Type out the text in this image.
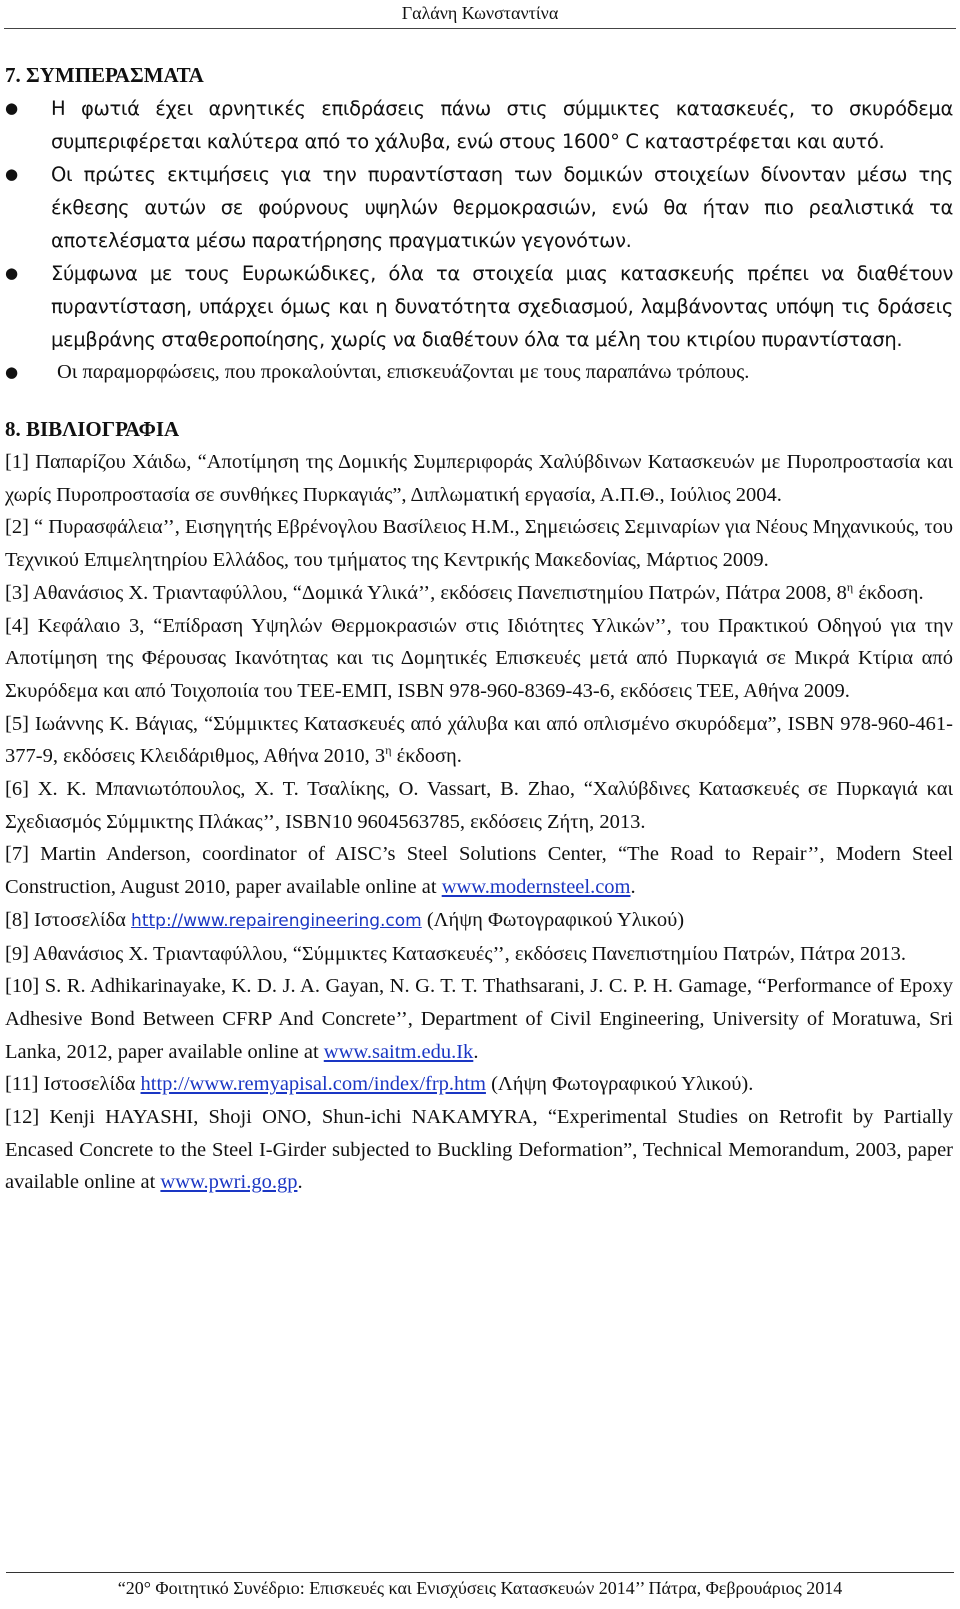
Γαλάνη Κωνσταντίνα
7. ΣΥΜΠΕΡΑΣΜΑΤΑ
● Η φωτιά έχει αρνητικές επιδράσεις πάνω στις σύμμικτες κατασκευές, το σκυρόδεμα συμπεριφέρεται καλύτερα από το χάλυβα, ενώ στους 1600° C καταστρέφεται και αυτό.
● Οι πρώτες εκτιμήσεις για την πυραντίσταση των δομικών στοιχείων δίνονταν μέσω της έκθεσης αυτών σε φούρνους υψηλών θερμοκρασιών, ενώ θα ήταν πιο ρεαλιστικά τα αποτελέσματα μέσω παρατήρησης πραγματικών γεγονότων.
● Σύμφωνα με τους Ευρωκώδικες, όλα τα στοιχεία μιας κατασκευής πρέπει να διαθέτουν πυραντίσταση, υπάρχει όμως και η δυνατότητα σχεδιασμού, λαμβάνοντας υπόψη τις δράσεις μεμβράνης σταθεροποίησης, χωρίς να διαθέτουν όλα τα μέλη του κτιρίου πυραντίσταση.
● Οι παραμορφώσεις, που προκαλούνται, επισκευάζονται με τους παραπάνω τρόπους.
8. ΒΙΒΛΙΟΓΡΑΦΙΑ

[1] Παπαρίζου Χάιδω, “Αποτίμηση της Δομικής Συμπεριφοράς Χαλύβδινων Κατασκευών με Πυροπροστασία και χωρίς Πυροπροστασία σε συνθήκες Πυρκαγιάς”, Διπλωματική εργασία, Α.Π.Θ., Ιούλιος 2004.

[2] “ Πυρασφάλεια’’, Εισηγητής Εβρένογλου Βασίλειος Η.Μ., Σημειώσεις Σεμιναρίων για Νέους Μηχανικούς, του Τεχνικού Επιμελητηρίου Ελλάδος, του τμήματος της Κεντρικής Μακεδονίας, Μάρτιος 2009.

[3] Αθανάσιος Χ. Τριανταφύλλου, “Δομικά Υλικά’’, εκδόσεις Πανεπιστημίου Πατρών, Πάτρα 2008, $8^\eta$ έκδοση.

[4] Κεφάλαιο 3, “Επίδραση Υψηλών Θερμοκρασιών στις Ιδιότητες Υλικών’’, του Πρακτικού Οδηγού για την Αποτίμηση της Φέρουσας Ικανότητας και τις Δομητικές Επισκευές μετά από Πυρκαγιά σε Μικρά Κτίρια από Σκυρόδεμα και από Τοιχοποιία του ΤΕΕ-ΕΜΠ, ISBN 978-960-8369-43-6, εκδόσεις ΤΕΕ, Αθήνα 2009.

[5] Ιωάννης Κ. Βάγιας, “Σύμμικτες Κατασκευές από χάλυβα και από οπλισμένο σκυρόδεμα”, ISBN 978-960-461-377-9, εκδόσεις Κλειδάριθμος, Αθήνα 2010, $3^\eta$ έκδοση.

[6] Χ. Κ. Μπανιωτόπουλος, Χ. Τ. Τσαλίκης, O. Vassart, B. Zhao, “Χαλύβδινες Κατασκευές σε Πυρκαγιά και Σχεδιασμός Σύμμικτης Πλάκας’’, ISBN10 9604563785, εκδόσεις Ζήτη, 2013.

[7] Martin Anderson, coordinator of AISC’s Steel Solutions Center, “The Road to Repair’’, Modern Steel Construction, August 2010, paper available online at www.modernsteel.com.

[8] Ιστοσελίδα http://www.repairengineering.com (Λήψη Φωτογραφικού Υλικού)

[9] Αθανάσιος Χ. Τριανταφύλλου, “Σύμμικτες Κατασκευές’’, εκδόσεις Πανεπιστημίου Πατρών, Πάτρα 2013.

[10] S. R. Adhikarinayake, K. D. J. A. Gayan, N. G. T. T. Thathsarani, J. C. P. H. Gamage, “Performance of Epoxy Adhesive Bond Between CFRP And Concrete’’, Department of Civil Engineering, University of Moratuwa, Sri Lanka, 2012, paper available online at www.saitm.edu.Ik.

[11] Ιστοσελίδα http://www.remyapisal.com/index/frp.htm (Λήψη Φωτογραφικού Υλικού).

[12] Kenji HAYASHI, Shoji ONO, Shun-ichi NAKAMYRA, “Experimental Studies on Retrofit by Partially Encased Concrete to the Steel I-Girder subjected to Buckling Deformation”, Technical Memorandum, 2003, paper available online at www.pwri.go.gp.

“20° Φοιτητικό Συνέδριο: Επισκευές και Ενισχύσεις Κατασκευών 2014’’ Πάτρα, Φεβρουάριος 2014
